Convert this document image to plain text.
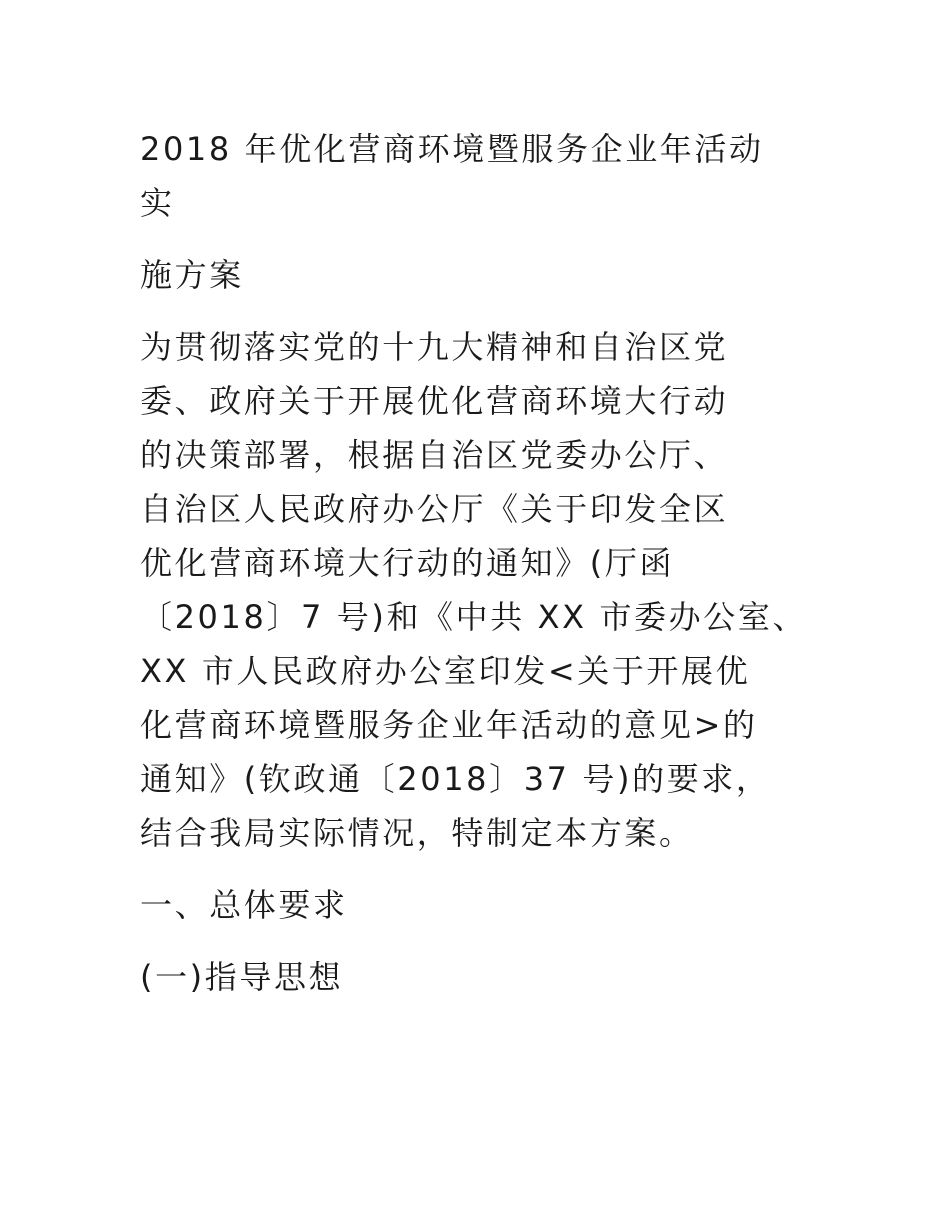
2018 年优化营商环境暨服务企业年活动
实
施方案
为贯彻落实党的十九大精神和自治区党
委、政府关于开展优化营商环境大行动
的决策部署，根据自治区党委办公厅、
自治区人民政府办公厅《关于印发全区
优化营商环境大行动的通知》(厅函
〔2018〕7 号)和《中共 XX 市委办公室、
XX 市人民政府办公室印发<关于开展优
化营商环境暨服务企业年活动的意见>的
通知》(钦政通〔2018〕37 号)的要求，
结合我局实际情况，特制定本方案。
一、总体要求
(一)指导思想
